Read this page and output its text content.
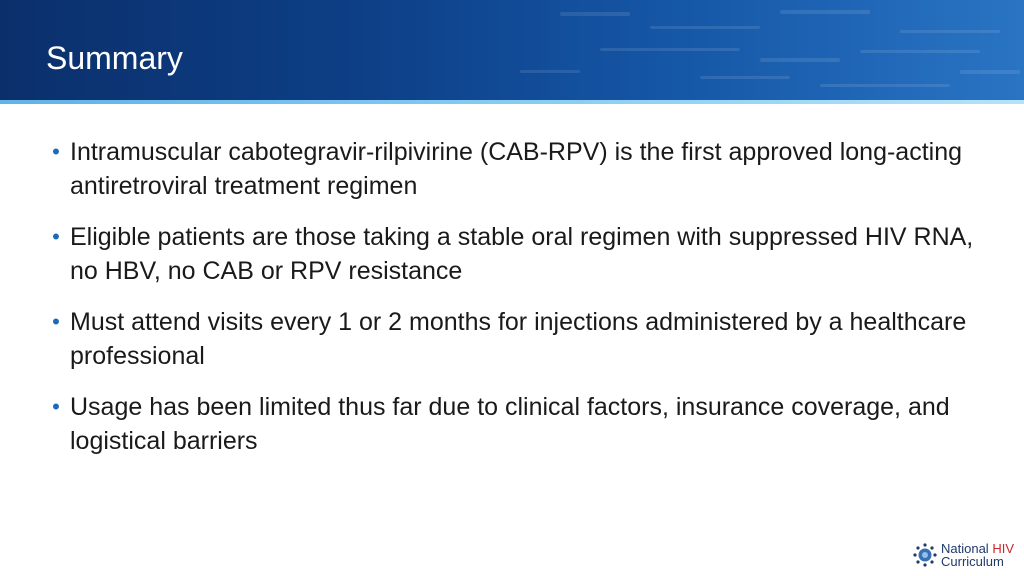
Summary
• Intramuscular cabotegravir-rilpivirine (CAB-RPV) is the first approved long-acting antiretroviral treatment regimen
• Eligible patients are those taking a stable oral regimen with suppressed HIV RNA, no HBV, no CAB or RPV resistance
• Must attend visits every 1 or 2 months for injections administered by a healthcare professional
• Usage has been limited thus far due to clinical factors, insurance coverage, and logistical barriers
National HIV
Curriculum
